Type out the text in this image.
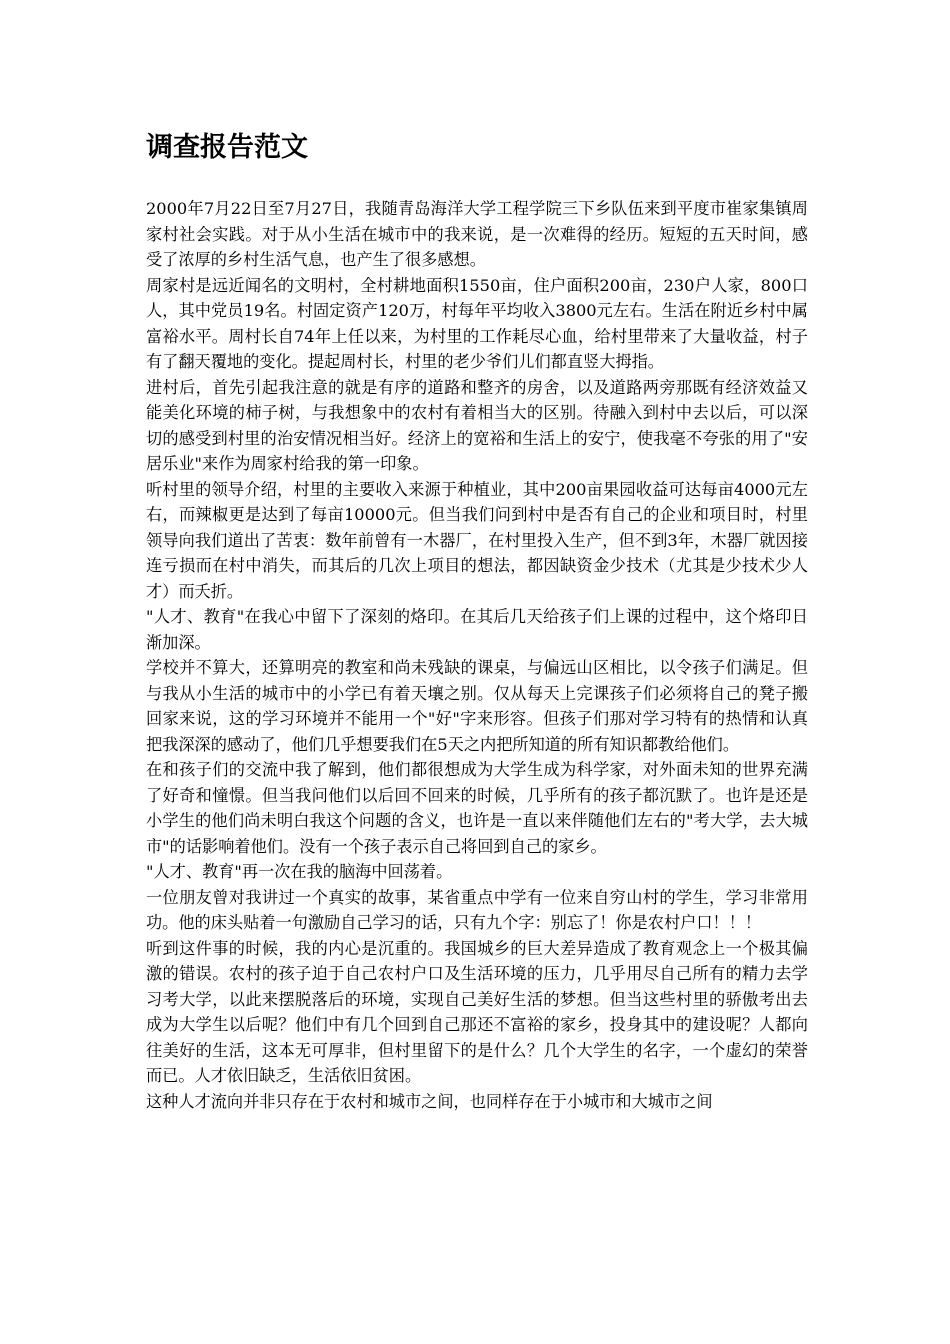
调查报告范文

2000年7月22日至7月27日，我随青岛海洋大学工程学院三下乡队伍来到平度市崔家集镇周家村社会实践。对于从小生活在城市中的我来说，是一次难得的经历。短短的五天时间，感受了浓厚的乡村生活气息，也产生了很多感想。

周家村是远近闻名的文明村，全村耕地面积1550亩，住户面积200亩，230户人家，800口人，其中党员19名。村固定资产120万，村每年平均收入3800元左右。生活在附近乡村中属富裕水平。周村长自74年上任以来，为村里的工作耗尽心血，给村里带来了大量收益，村子有了翻天覆地的变化。提起周村长，村里的老少爷们儿们都直竖大拇指。

进村后，首先引起我注意的就是有序的道路和整齐的房舍，以及道路两旁那既有经济效益又能美化环境的柿子树，与我想象中的农村有着相当大的区别。待融入到村中去以后，可以深切的感受到村里的治安情况相当好。经济上的宽裕和生活上的安宁，使我毫不夸张的用了"安居乐业"来作为周家村给我的第一印象。

听村里的领导介绍，村里的主要收入来源于种植业，其中200亩果园收益可达每亩4000元左右，而辣椒更是达到了每亩10000元。但当我们问到村中是否有自己的企业和项目时，村里领导向我们道出了苦衷：数年前曾有一木器厂，在村里投入生产，但不到3年，木器厂就因接连亏损而在村中消失，而其后的几次上项目的想法，都因缺资金少技术（尤其是少技术少人才）而夭折。

"人才、教育"在我心中留下了深刻的烙印。在其后几天给孩子们上课的过程中，这个烙印日渐加深。

学校并不算大，还算明亮的教室和尚未残缺的课桌，与偏远山区相比，以令孩子们满足。但与我从小生活的城市中的小学已有着天壤之别。仅从每天上完课孩子们必须将自己的凳子搬回家来说，这的学习环境并不能用一个"好"字来形容。但孩子们那对学习特有的热情和认真把我深深的感动了，他们几乎想要我们在5天之内把所知道的所有知识都教给他们。

在和孩子们的交流中我了解到，他们都很想成为大学生成为科学家，对外面未知的世界充满了好奇和憧憬。但当我问他们以后回不回来的时候，几乎所有的孩子都沉默了。也许是还是小学生的他们尚未明白我这个问题的含义，也许是一直以来伴随他们左右的"考大学，去大城市"的话影响着他们。没有一个孩子表示自己将回到自己的家乡。

"人才、教育"再一次在我的脑海中回荡着。

一位朋友曾对我讲过一个真实的故事，某省重点中学有一位来自穷山村的学生，学习非常用功。他的床头贴着一句激励自己学习的话，只有九个字：别忘了！你是农村户口！！！

听到这件事的时候，我的内心是沉重的。我国城乡的巨大差异造成了教育观念上一个极其偏激的错误。农村的孩子迫于自己农村户口及生活环境的压力，几乎用尽自己所有的精力去学习考大学，以此来摆脱落后的环境，实现自己美好生活的梦想。但当这些村里的骄傲考出去成为大学生以后呢？他们中有几个回到自己那还不富裕的家乡，投身其中的建设呢？人都向往美好的生活，这本无可厚非，但村里留下的是什么？几个大学生的名字，一个虚幻的荣誉而已。人才依旧缺乏，生活依旧贫困。

这种人才流向并非只存在于农村和城市之间，也同样存在于小城市和大城市之间
